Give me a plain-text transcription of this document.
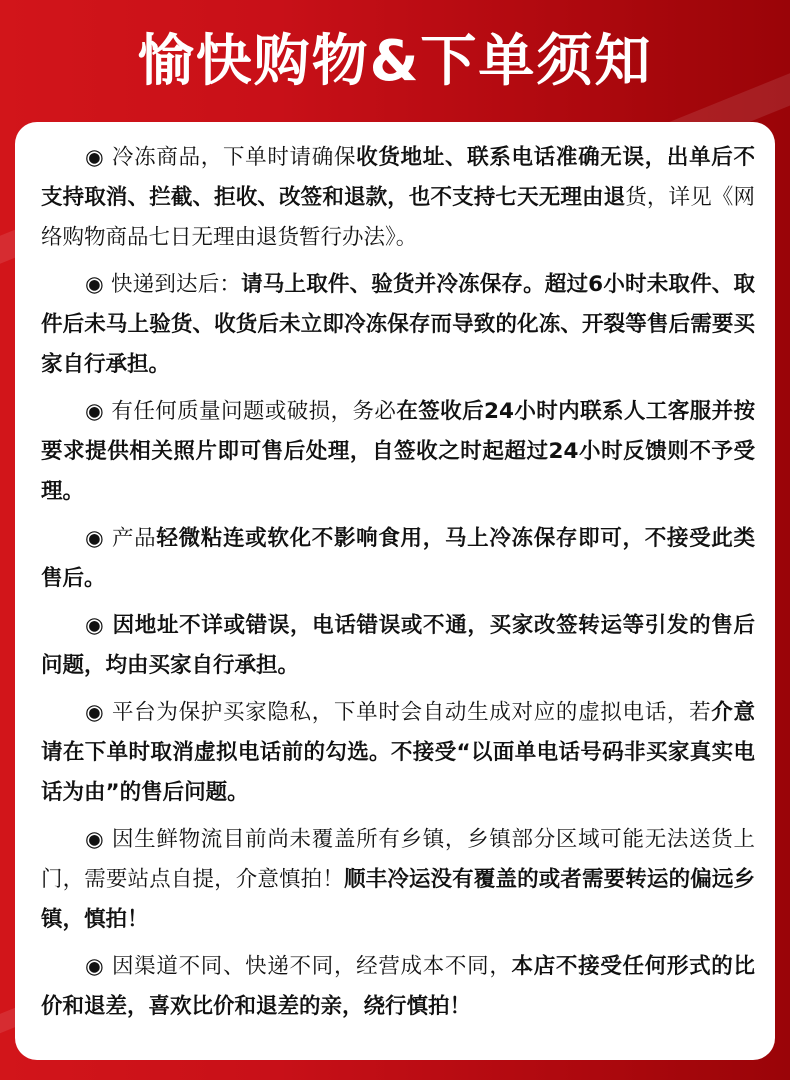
愉快购物&下单须知

◉ 冷冻商品，下单时请确保收货地址、联系电话准确无误，出单后不支持取消、拦截、拒收、改签和退款，也不支持七天无理由退货，详见《网络购物商品七日无理由退货暂行办法》。

◉ 快递到达后：请马上取件、验货并冷冻保存。超过6小时未取件、取件后未马上验货、收货后未立即冷冻保存而导致的化冻、开裂等售后需要买家自行承担。

◉ 有任何质量问题或破损，务必在签收后24小时内联系人工客服并按要求提供相关照片即可售后处理，自签收之时起超过24小时反馈则不予受理。

◉ 产品轻微粘连或软化不影响食用，马上冷冻保存即可，不接受此类售后。

◉ 因地址不详或错误，电话错误或不通，买家改签转运等引发的售后问题，均由买家自行承担。

◉ 平台为保护买家隐私，下单时会自动生成对应的虚拟电话，若介意请在下单时取消虚拟电话前的勾选。不接受“以面单电话号码非买家真实电话为由”的售后问题。

◉ 因生鲜物流目前尚未覆盖所有乡镇，乡镇部分区域可能无法送货上门，需要站点自提，介意慎拍！顺丰冷运没有覆盖的或者需要转运的偏远乡镇，慎拍！

◉ 因渠道不同、快递不同，经营成本不同，本店不接受任何形式的比价和退差，喜欢比价和退差的亲，绕行慎拍！
